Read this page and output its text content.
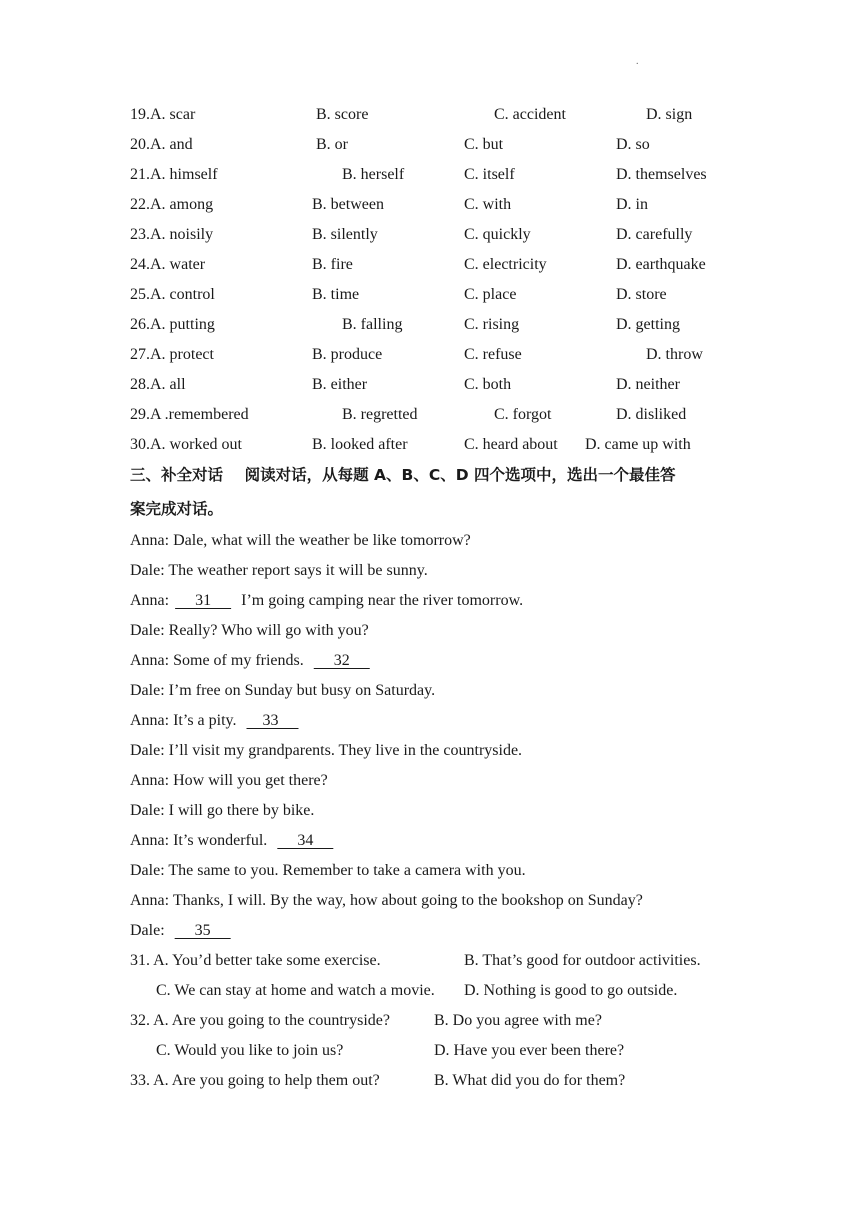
.
19.A. scar	B. score	C. accident	D. sign
20.A. and	B. or	C. but	D. so
21.A. himself	B. herself	C. itself	D. themselves
22.A. among	B. between	C. with	D. in
23.A. noisily	B. silently	C. quickly	D. carefully
24.A. water	B. fire	C. electricity	D. earthquake
25.A. control	B. time	C. place	D. store
26.A. putting	B. falling	C. rising	D. getting
27.A. protect	B. produce	C. refuse	D. throw
28.A. all	B. either	C. both	D. neither
29.A .remembered	B. regretted	C. forgot	D. disliked
30.A. worked out	B. looked after	C. heard about D. came up with
三、补全对话 阅读对话，从每题 A、B、C、D 四个选项中，选出一个最佳答
案完成对话。
Anna: Dale, what will the weather be like tomorrow?
Dale: The weather report says it will be sunny.
Anna:      31       I’m going camping near the river tomorrow.
Dale: Really? Who will go with you?
Anna: Some of my friends.       32
Dale: I’m free on Sunday but busy on Saturday.
Anna: It’s a pity.      33
Dale: I’ll visit my grandparents. They live in the countryside.
Anna: How will you get there?
Dale: I will go there by bike.
Anna: It’s wonderful.       34
Dale: The same to you. Remember to take a camera with you.
Anna: Thanks, I will. By the way, how about going to the bookshop on Sunday?
Dale:       35
31. A. You’d better take some exercise.	B. That’s good for outdoor activities.
C. We can stay at home and watch a movie. D. Nothing is good to go outside.
32. A. Are you going to the countryside?	B. Do you agree with me?
C. Would you like to join us?	D. Have you ever been there?
33. A. Are you going to help them out?	B. What did you do for them?
